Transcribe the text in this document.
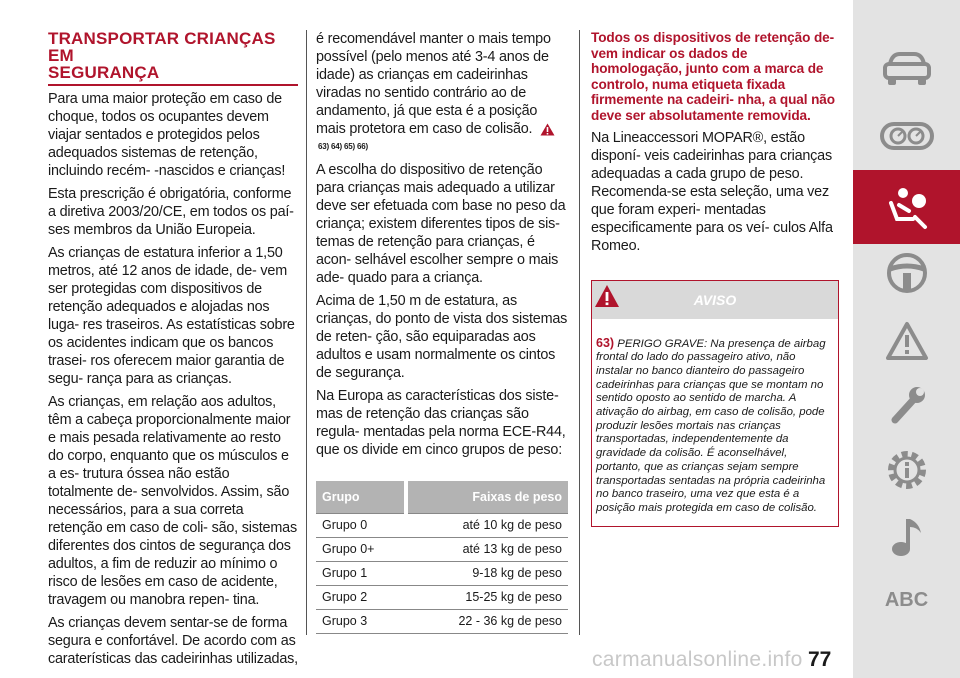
TRANSPORTAR CRIANÇAS EM
SEGURANÇA

Para uma maior proteção em caso de choque, todos os ocupantes devem viajar sentados e protegidos pelos adequados sistemas de retenção, incluindo recém- -nascidos e crianças!

Esta prescrição é obrigatória, conforme a diretiva 2003/20/CE, em todos os paí- ses membros da União Europeia.

As crianças de estatura inferior a 1,50 metros, até 12 anos de idade, de- vem ser protegidas com dispositivos de retenção adequados e alojadas nos luga- res traseiros. As estatísticas sobre os acidentes indicam que os bancos trasei- ros oferecem maior garantia de segu- rança para as crianças.

As crianças, em relação aos adultos, têm a cabeça proporcionalmente maior e mais pesada relativamente ao resto do corpo, enquanto que os músculos e a es- trutura óssea não estão totalmente de- senvolvidos. Assim, são necessários, para a sua correta retenção em caso de coli- são, sistemas diferentes dos cintos de segurança dos adultos, a fim de reduzir ao mínimo o risco de lesões em caso de acidente, travagem ou manobra repen- tina.

As crianças devem sentar-se de forma segura e confortável. De acordo com as caraterísticas das cadeirinhas utilizadas,

é recomendável manter o mais tempo possível (pelo menos até 3-4 anos de idade) as crianças em cadeirinhas viradas no sentido contrário ao de andamento, já que esta é a posição mais protetora em caso de colisão. 63) 64) 65) 66)

A escolha do dispositivo de retenção para crianças mais adequado a utilizar deve ser efetuada com base no peso da criança; existem diferentes tipos de sis- temas de retenção para crianças, é acon- selhável escolher sempre o mais ade- quado para a criança.

Acima de 1,50 m de estatura, as crianças, do ponto de vista dos sistemas de reten- ção, são equiparadas aos adultos e usam normalmente os cintos de segurança.

Na Europa as características dos siste- mas de retenção das crianças são regula- mentadas pela norma ECE-R44, que os divide em cinco grupos de peso:

Grupo	Faixas de peso
Grupo 0	até 10 kg de peso
Grupo 0+	até 13 kg de peso
Grupo 1	9-18 kg de peso
Grupo 2	15-25 kg de peso
Grupo 3	22 - 36 kg de peso

Todos os dispositivos de retenção de- vem indicar os dados de homologação, junto com a marca de controlo, numa etiqueta fixada firmemente na cadeiri- nha, a qual não deve ser absolutamente removida.

Na Lineaccessori MOPAR®, estão disponí- veis cadeirinhas para crianças adequadas a cada grupo de peso. Recomenda-se esta seleção, uma vez que foram experi- mentadas especificamente para os veí- culos Alfa Romeo.

AVISO
63) PERIGO GRAVE: Na presença de airbag frontal do lado do passageiro ativo, não instalar no banco dianteiro do passageiro cadeirinhas para crianças que se montam no sentido oposto ao sentido de marcha. A ativação do airbag, em caso de colisão, pode produzir lesões mortais nas crianças transportadas, independentemente da gravidade da colisão. É aconselhável, portanto, que as crianças sejam sempre transportadas sentadas na própria cadeirinha no banco traseiro, uma vez que esta é a posição mais protegida em caso de colisão.
ABC
carmanualsonline.info 77
